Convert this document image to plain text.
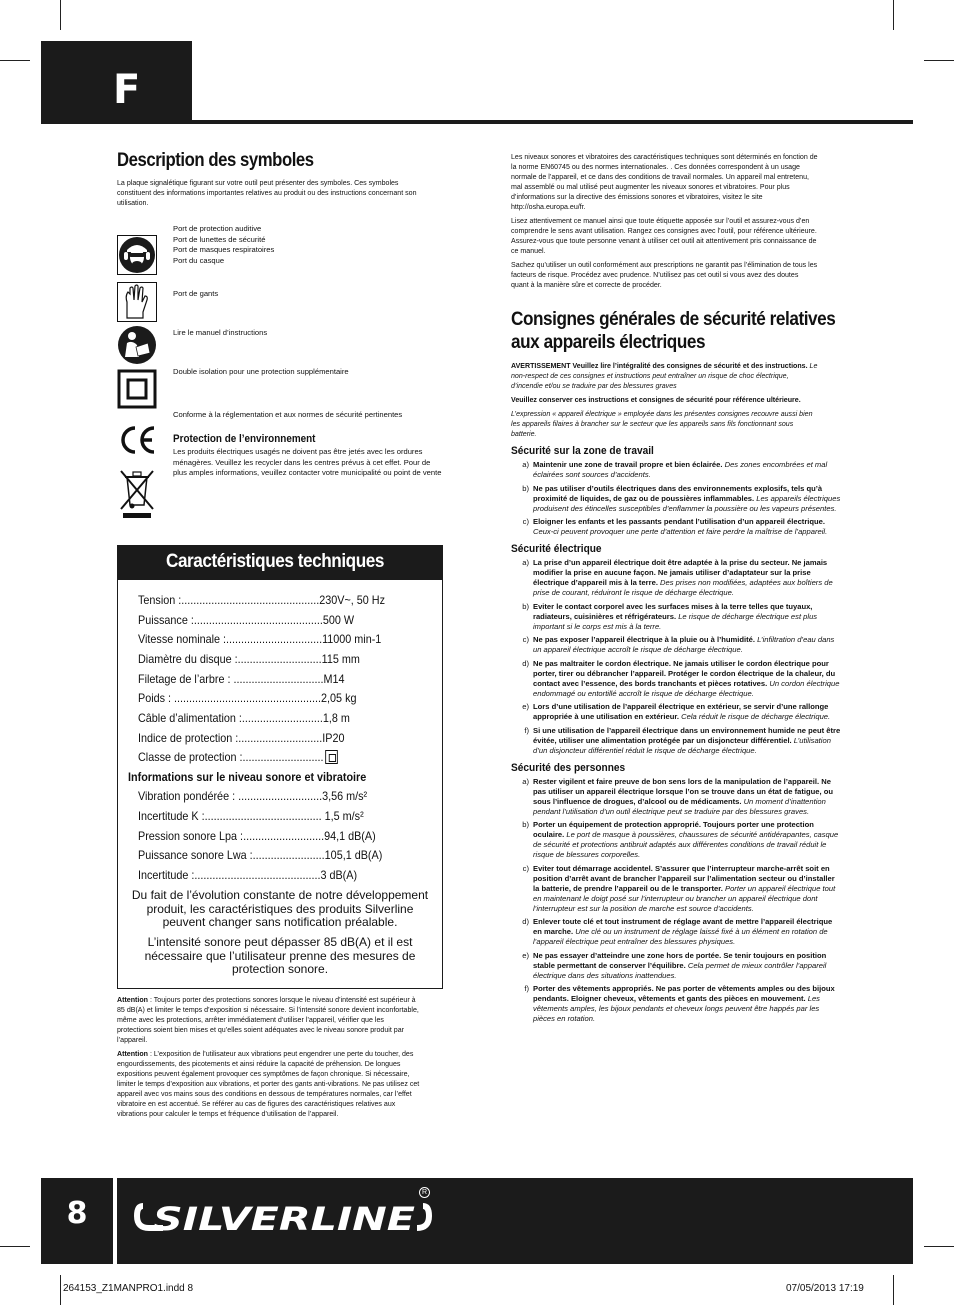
F
Description des symboles
La plaque signalétique figurant sur votre outil peut présenter des symboles. Ces symboles constituent des informations importantes relatives au produit ou des instructions concernant son utilisation.
Port de protection auditive
Port de lunettes de sécurité
Port de masques respiratoires
Port du casque
Port de gants
Lire le manuel d’instructions
Double isolation pour une protection supplémentaire
Conforme à la réglementation et aux normes de sécurité pertinentes
Protection de l’environnement
Les produits électriques usagés ne doivent pas être jetés avec les ordures ménagères. Veuillez les recycler dans les centres prévus à cet effet. Pour de plus amples informations, veuillez contacter votre municipalité ou point de vente
Caractéristiques techniques
Tension :..............................................230V~, 50 Hz
Puissance :...........................................500 W
Vitesse nominale :................................11000 min-1
Diamètre du disque :............................115 mm
Filetage de l’arbre : ..............................M14
Poids : .................................................2,05 kg
Câble d’alimentation :...........................1,8 m
Indice de protection :............................IP20
Classe de protection :...........................
Informations sur le niveau sonore et vibratoire
Vibration pondérée : ............................3,56 m/s²
Incertitude K :....................................... 1,5 m/s²
Pression sonore Lpa :...........................94,1 dB(A)
Puissance sonore Lwa :........................105,1 dB(A)
Incertitude :..........................................3 dB(A)
Du fait de l’évolution constante de notre développement produit, les caractéristiques des produits Silverline peuvent changer sans notification préalable.
L’intensité sonore peut dépasser 85 dB(A) et il est nécessaire que l’utilisateur prenne des mesures de protection sonore.

Attention : Toujours porter des protections sonores lorsque le niveau d’intensité est supérieur à 85 dB(A) et limiter le temps d’exposition si nécessaire. Si l’intensité sonore devient inconfortable, même avec les protections, arrêter immédiatement d’utiliser l’appareil, vérifier que les protections soient bien mises et qu’elles soient adéquates avec le niveau sonore produit par l’appareil.

Attention : L’exposition de l’utilisateur aux vibrations peut engendrer une perte du toucher, des engourdissements, des picotements et ainsi réduire la capacité de préhension. De longues expositions peuvent également provoquer ces symptômes de façon chronique. Si nécessaire, limiter le temps d’exposition aux vibrations, et porter des gants anti-vibrations. Ne pas utilisez cet appareil avec vos mains sous des conditions en dessous de températures normales, car l’effet vibratoire en est accentué. Se référer au cas de figures des caractéristiques relatives aux vibrations pour calculer le temps et fréquence d’utilisation de l’appareil.

Les niveaux sonores et vibratoires des caractéristiques techniques sont déterminés en fonction de la norme EN60745 ou des normes internationales. . Ces données correspondent à un usage normale de l’appareil, et ce dans des conditions de travail normales. Un appareil mal entretenu, mal assemblé ou mal utilisé peut augmenter les niveaux sonores et vibratoires. Pour plus d’informations sur la directive des émissions sonores et vibratoires, visitez le site http://osha.europa.eu/fr.

Lisez attentivement ce manuel ainsi que toute étiquette apposée sur l’outil et assurez-vous d’en comprendre le sens avant utilisation. Rangez ces consignes avec l’outil, pour référence ultérieure. Assurez-vous que toute personne venant à utiliser cet outil ait attentivement pris connaissance de ce manuel.

Sachez qu’utiliser un outil conformément aux prescriptions ne garantit pas l’élimination de tous les facteurs de risque. Procédez avec prudence. N’utilisez pas cet outil si vous avez des doutes quant à la manière sûre et correcte de procéder.

Consignes générales de sécurité relatives aux appareils électriques

AVERTISSEMENT Veuillez lire l’intégralité des consignes de sécurité et des instructions. Le non-respect de ces consignes et instructions peut entraîner un risque de choc électrique, d’incendie et/ou se traduire par des blessures graves

Veuillez conserver ces instructions et consignes de sécurité pour référence ultérieure.

L’expression « appareil électrique » employée dans les présentes consignes recouvre aussi bien les appareils filaires à brancher sur le secteur que les appareils sans fils fonctionnant sous batterie.

Sécurité sur la zone de travail
a) Maintenir une zone de travail propre et bien éclairée. Des zones encombrées et mal éclairées sont sources d’accidents.
b) Ne pas utiliser d’outils électriques dans des environnements explosifs, tels qu’à proximité de liquides, de gaz ou de poussières inflammables. Les appareils électriques produisent des étincelles susceptibles d’enflammer la poussière ou les vapeurs présentes.
c) Eloigner les enfants et les passants pendant l’utilisation d’un appareil électrique. Ceux-ci peuvent provoquer une perte d’attention et faire perdre la maîtrise de l’appareil.
Sécurité électrique
a) La prise d’un appareil électrique doit être adaptée à la prise du secteur. Ne jamais modifier la prise en aucune façon. Ne jamais utiliser d’adaptateur sur la prise électrique d’appareil mis à la terre. Des prises non modifiées, adaptées aux boîtiers de prise de courant, réduiront le risque de décharge électrique.
b) Eviter le contact corporel avec les surfaces mises à la terre telles que tuyaux, radiateurs, cuisinières et réfrigérateurs. Le risque de décharge électrique est plus important si le corps est mis à la terre.
c) Ne pas exposer l’appareil électrique à la pluie ou à l’humidité. L’infiltration d’eau dans un appareil électrique accroît le risque de décharge électrique.
d) Ne pas maltraiter le cordon électrique. Ne jamais utiliser le cordon électrique pour porter, tirer ou débrancher l’appareil. Protéger le cordon électrique de la chaleur, du contact avec l’essence, des bords tranchants et pièces rotatives. Un cordon électrique endommagé ou entortillé accroît le risque de décharge électrique.
e) Lors d’une utilisation de l’appareil électrique en extérieur, se servir d’une rallonge appropriée à une utilisation en extérieur. Cela réduit le risque de décharge électrique.
f) Si une utilisation de l’appareil électrique dans un environnement humide ne peut être évitée, utiliser une alimentation protégée par un disjoncteur différentiel. L’utilisation d’un disjoncteur différentiel réduit le risque de décharge électrique.
Sécurité des personnes
a) Rester vigilent et faire preuve de bon sens lors de la manipulation de l’appareil. Ne pas utiliser un appareil électrique lorsque l’on se trouve dans un état de fatigue, ou sous l’influence de drogues, d’alcool ou de médicaments. Un moment d’inattention pendant l’utilisation d’un outil électrique peut se traduire par des blessures graves.
b) Porter un équipement de protection approprié. Toujours porter une protection oculaire. Le port de masque à poussières, chaussures de sécurité antidérapantes, casque de sécurité et protections antibruit adaptés aux différentes conditions de travail réduit le risque de blessures corporelles.
c) Eviter tout démarrage accidentel. S’assurer que l’interrupteur marche-arrêt soit en position d’arrêt avant de brancher l’appareil sur l’alimentation secteur ou d’installer la batterie, de prendre l’appareil ou de le transporter. Porter un appareil électrique tout en maintenant le doigt posé sur l’interrupteur ou brancher un appareil électrique dont l’interrupteur est sur la position de marche est source d’accidents.
d) Enlever toute clé et tout instrument de réglage avant de mettre l’appareil électrique en marche. Une clé ou un instrument de réglage laissé fixé à un élément en rotation de l’appareil électrique peut entraîner des blessures physiques.
e) Ne pas essayer d’atteindre une zone hors de portée. Se tenir toujours en position stable permettant de conserver l’équilibre. Cela permet de mieux contrôler l’appareil électrique dans des situations inattendues.
f) Porter des vêtements appropriés. Ne pas porter de vêtements amples ou des bijoux pendants. Eloigner cheveux, vêtements et gants des pièces en mouvement. Les vêtements amples, les bijoux pendants et cheveux longs peuvent être happés par les pièces en rotation.
8	SILVERLINE
R
264153_Z1MANPRO1.indd 8	07/05/2013 17:19
